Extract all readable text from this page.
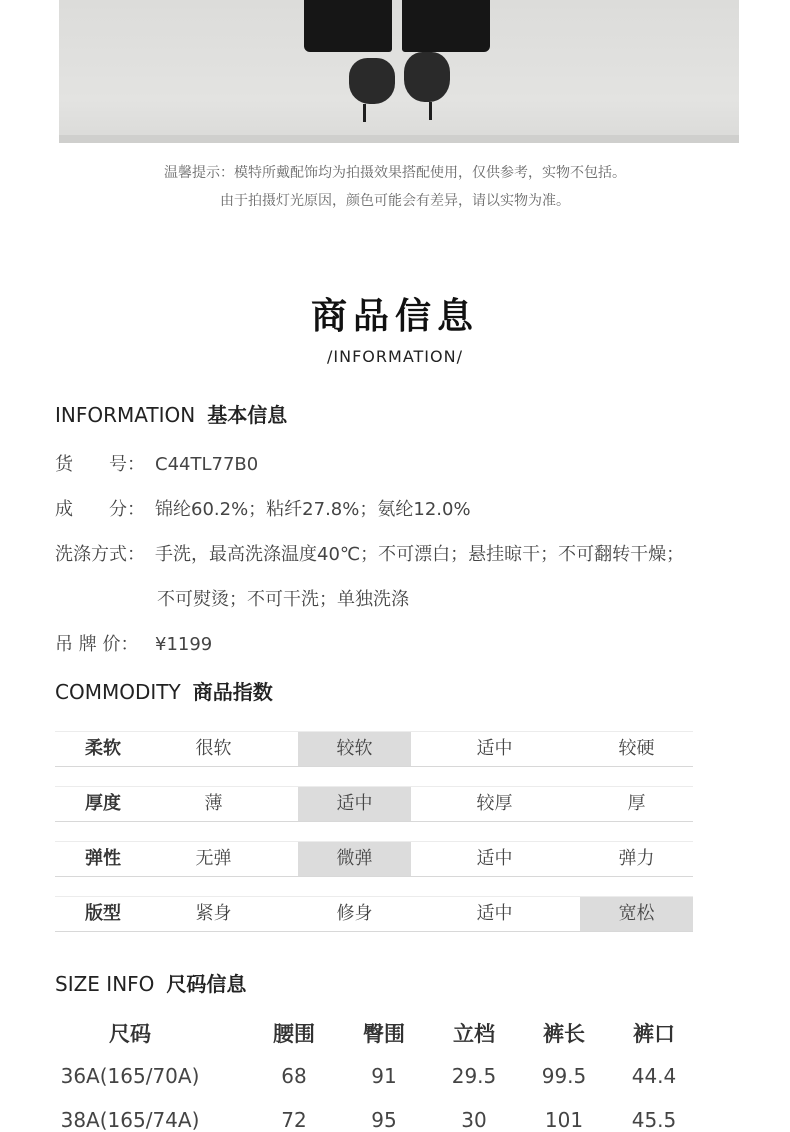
温馨提示：模特所戴配饰均为拍摄效果搭配使用，仅供参考，实物不包括。
由于拍摄灯光原因，颜色可能会有差异，请以实物为准。
商品信息
/INFORMATION/
INFORMATION 基本信息
货　　号： C44TL77B0
成　　分： 锦纶60.2%；粘纤27.8%；氨纶12.0%
洗涤方式： 手洗，最高洗涤温度40℃；不可漂白；悬挂晾干；不可翻转干燥；
不可熨烫；不可干洗；单独洗涤
吊 牌 价： ¥1199
COMMODITY 商品指数
柔软	很软	较软	适中	较硬
厚度	薄	适中	较厚	厚
弹性	无弹	微弹	适中	弹力
版型	紧身	修身	适中	宽松
SIZE INFO 尺码信息
尺码	腰围	臀围	立档	裤长	裤口
36A(165/70A)	68	91	29.5	99.5	44.4
38A(165/74A)	72	95	30	101	45.5
